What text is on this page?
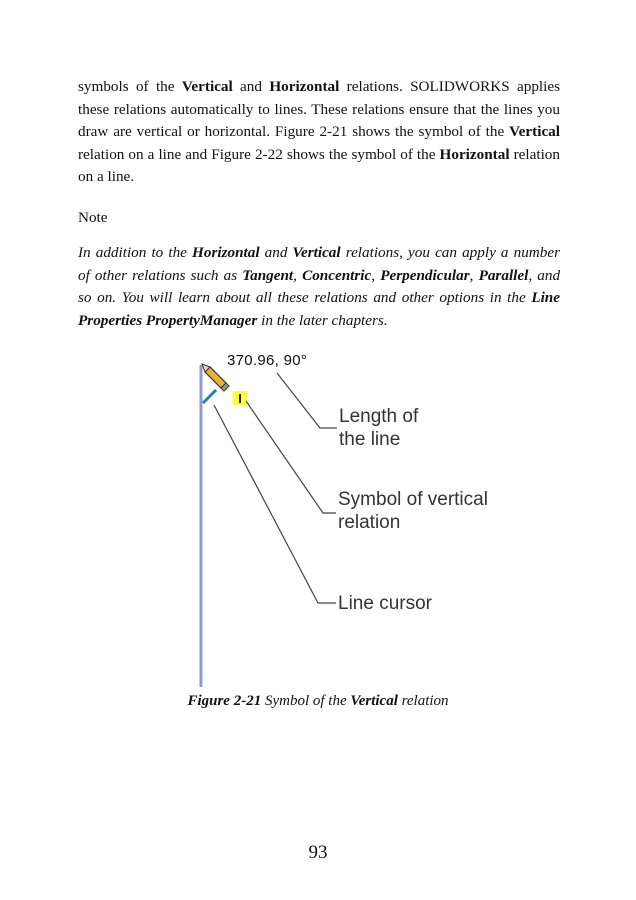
symbols of the Vertical and Horizontal relations. SOLIDWORKS applies these relations automatically to lines. These relations ensure that the lines you draw are vertical or horizontal. Figure 2-21 shows the symbol of the Vertical relation on a line and Figure 2-22 shows the symbol of the Horizontal relation on a line.

Note

In addition to the Horizontal and Vertical relations, you can apply a number of other relations such as Tangent, Concentric, Perpendicular, Parallel, and so on. You will learn about all these relations and other options in the Line Properties PropertyManager in the later chapters.

I
370.96, 90°
Length of
the line
Symbol of vertical
relation
Line cursor
Figure 2-21 Symbol of the Vertical relation
93
